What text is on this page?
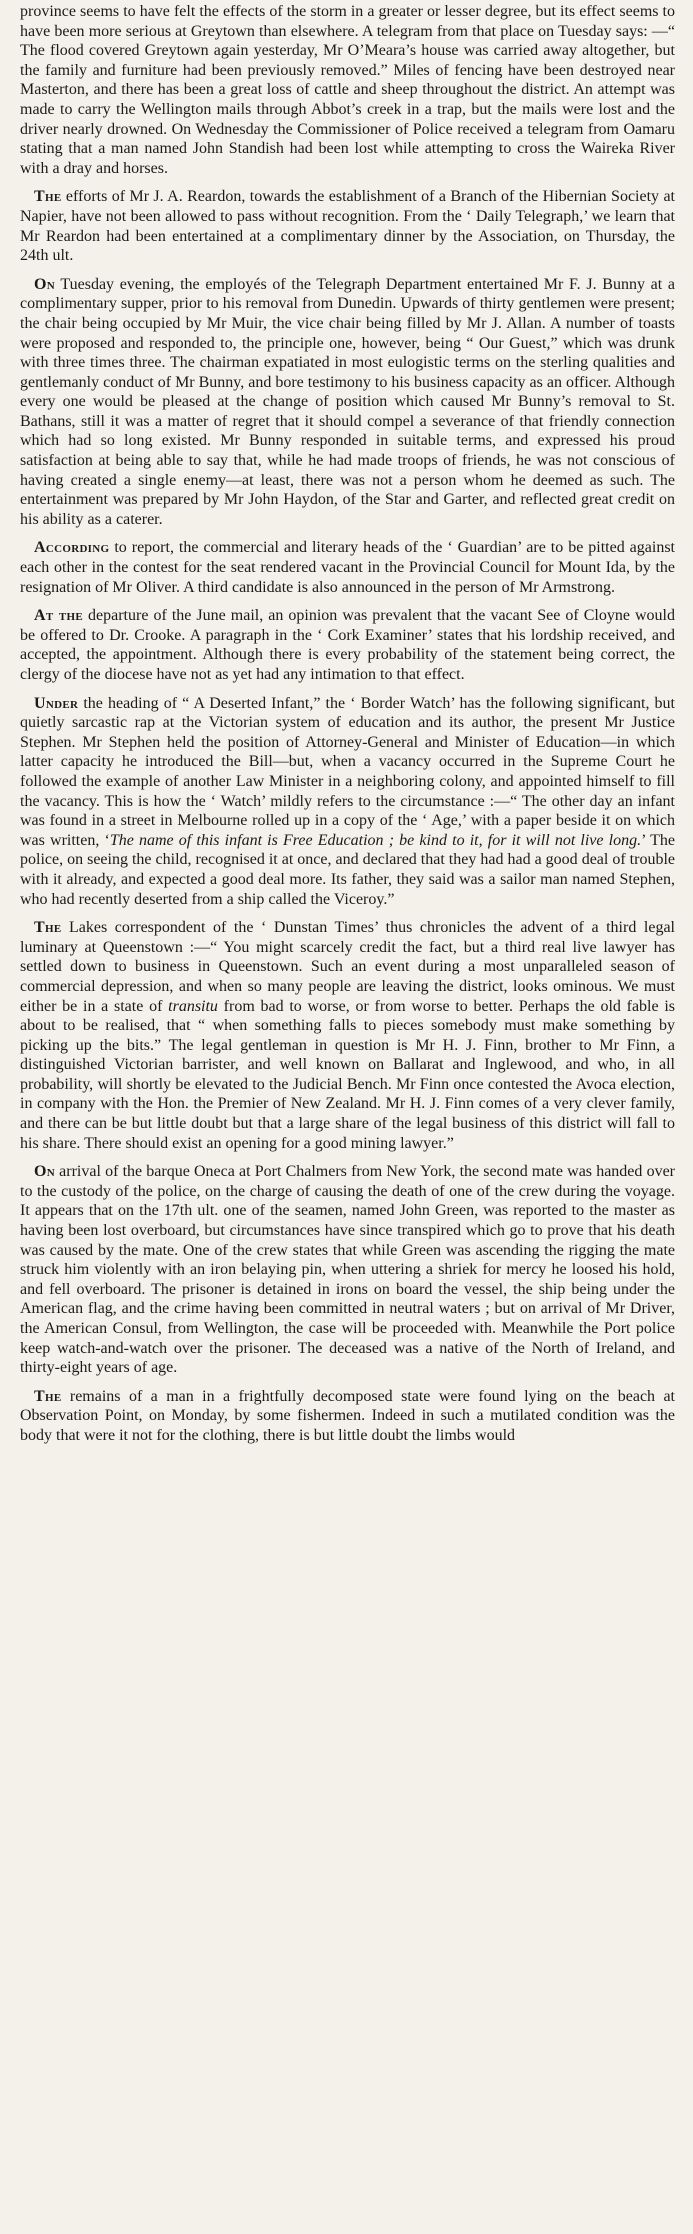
province seems to have felt the effects of the storm in a greater or lesser degree, but its effect seems to have been more serious at Greytown than elsewhere. A telegram from that place on Tuesday says: —“ The flood covered Greytown again yesterday, Mr O’Meara’s house was carried away altogether, but the family and furniture had been previously removed.” Miles of fencing have been destroyed near Masterton, and there has been a great loss of cattle and sheep throughout the district. An attempt was made to carry the Wellington mails through Abbot’s creek in a trap, but the mails were lost and the driver nearly drowned. On Wednesday the Commissioner of Police received a telegram from Oamaru stating that a man named John Standish had been lost while attempting to cross the Waireka River with a dray and horses.

The efforts of Mr J. A. Reardon, towards the establishment of a Branch of the Hibernian Society at Napier, have not been allowed to pass without recognition. From the ‘ Daily Telegraph,’ we learn that Mr Reardon had been entertained at a complimentary dinner by the Association, on Thursday, the 24th ult.

On Tuesday evening, the employés of the Telegraph Department entertained Mr F. J. Bunny at a complimentary supper, prior to his removal from Dunedin. Upwards of thirty gentlemen were present; the chair being occupied by Mr Muir, the vice chair being filled by Mr J. Allan. A number of toasts were proposed and responded to, the principle one, however, being “ Our Guest,” which was drunk with three times three. The chairman expatiated in most eulogistic terms on the sterling qualities and gentlemanly conduct of Mr Bunny, and bore testimony to his business capacity as an officer. Although every one would be pleased at the change of position which caused Mr Bunny’s removal to St. Bathans, still it was a matter of regret that it should compel a severance of that friendly connection which had so long existed. Mr Bunny responded in suitable terms, and expressed his proud satisfaction at being able to say that, while he had made troops of friends, he was not conscious of having created a single enemy—at least, there was not a person whom he deemed as such. The entertainment was prepared by Mr John Haydon, of the Star and Garter, and reflected great credit on his ability as a caterer.

According to report, the commercial and literary heads of the ‘ Guardian’ are to be pitted against each other in the contest for the seat rendered vacant in the Provincial Council for Mount Ida, by the resignation of Mr Oliver. A third candidate is also announced in the person of Mr Armstrong.

At the departure of the June mail, an opinion was prevalent that the vacant See of Cloyne would be offered to Dr. Crooke. A paragraph in the ‘ Cork Examiner’ states that his lordship received, and accepted, the appointment. Although there is every probability of the statement being correct, the clergy of the diocese have not as yet had any intimation to that effect.

Under the heading of “ A Deserted Infant,” the ‘ Border Watch’ has the following significant, but quietly sarcastic rap at the Victorian system of education and its author, the present Mr Justice Stephen. Mr Stephen held the position of Attorney-General and Minister of Education—in which latter capacity he introduced the Bill—but, when a vacancy occurred in the Supreme Court he followed the example of another Law Minister in a neighboring colony, and appointed himself to fill the vacancy. This is how the ‘ Watch’ mildly refers to the circumstance :—“ The other day an infant was found in a street in Melbourne rolled up in a copy of the ‘ Age,’ with a paper beside it on which was written, ‘The name of this infant is Free Education ; be kind to it, for it will not live long.’ The police, on seeing the child, recognised it at once, and declared that they had had a good deal of trouble with it already, and expected a good deal more. Its father, they said was a sailor man named Stephen, who had recently deserted from a ship called the Viceroy.”

The Lakes correspondent of the ‘ Dunstan Times’ thus chronicles the advent of a third legal luminary at Queenstown :—“ You might scarcely credit the fact, but a third real live lawyer has settled down to business in Queenstown. Such an event during a most unparalleled season of commercial depression, and when so many people are leaving the district, looks ominous. We must either be in a state of transitu from bad to worse, or from worse to better. Perhaps the old fable is about to be realised, that “ when something falls to pieces somebody must make something by picking up the bits.” The legal gentleman in question is Mr H. J. Finn, brother to Mr Finn, a distinguished Victorian barrister, and well known on Ballarat and Inglewood, and who, in all probability, will shortly be elevated to the Judicial Bench. Mr Finn once contested the Avoca election, in company with the Hon. the Premier of New Zealand. Mr H. J. Finn comes of a very clever family, and there can be but little doubt but that a large share of the legal business of this district will fall to his share. There should exist an opening for a good mining lawyer.”

On arrival of the barque Oneca at Port Chalmers from New York, the second mate was handed over to the custody of the police, on the charge of causing the death of one of the crew during the voyage. It appears that on the 17th ult. one of the seamen, named John Green, was reported to the master as having been lost overboard, but circumstances have since transpired which go to prove that his death was caused by the mate. One of the crew states that while Green was ascending the rigging the mate struck him violently with an iron belaying pin, when uttering a shriek for mercy he loosed his hold, and fell overboard. The prisoner is detained in irons on board the vessel, the ship being under the American flag, and the crime having been committed in neutral waters ; but on arrival of Mr Driver, the American Consul, from Wellington, the case will be proceeded with. Meanwhile the Port police keep watch-and-watch over the prisoner. The deceased was a native of the North of Ireland, and thirty-eight years of age.

The remains of a man in a frightfully decomposed state were found lying on the beach at Observation Point, on Monday, by some fishermen. Indeed in such a mutilated condition was the body that were it not for the clothing, there is but little doubt the limbs would
